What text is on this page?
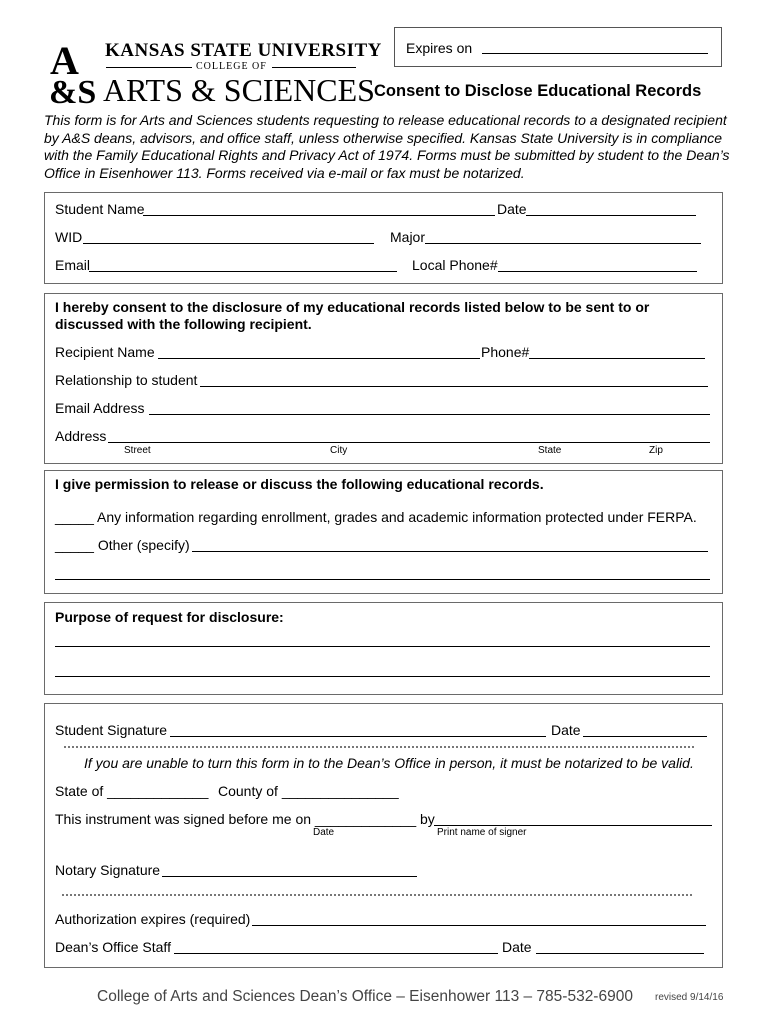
A
&S
KANSAS STATE UNIVERSITY
COLLEGE OF
ARTS & SCIENCES
Expires on
Consent to Disclose Educational Records
This form is for Arts and Sciences students requesting to release educational records to a designated recipient by A&S deans, advisors, and office staff, unless otherwise specified. Kansas State University is in compliance with the Family Educational Rights and Privacy Act of 1974. Forms must be submitted by student to the Dean’s Office in Eisenhower 113. Forms received via e-mail or fax must be notarized.
Student Name	Date
WID	Major
Email	Local Phone#
I hereby consent to the disclosure of my educational records listed below to be sent to or discussed with the following recipient.
Recipient Name	Phone#
Relationship to student
Email Address
Address
Street	City	State	Zip
I give permission to release or discuss the following educational records.
_____ Any information regarding enrollment, grades and academic information protected under FERPA.
_____ Other (specify)
Purpose of request for disclosure:
Student Signature	Date
If you are unable to turn this form in to the Dean’s Office in person, it must be notarized to be valid.
State of _____________ County of _______________
This instrument was signed before me on _____________ by
Date	Print name of signer
Notary Signature
Authorization expires (required)
Dean’s Office Staff	Date
College of Arts and Sciences Dean’s Office – Eisenhower 113 – 785-532-6900 revised 9/14/16
